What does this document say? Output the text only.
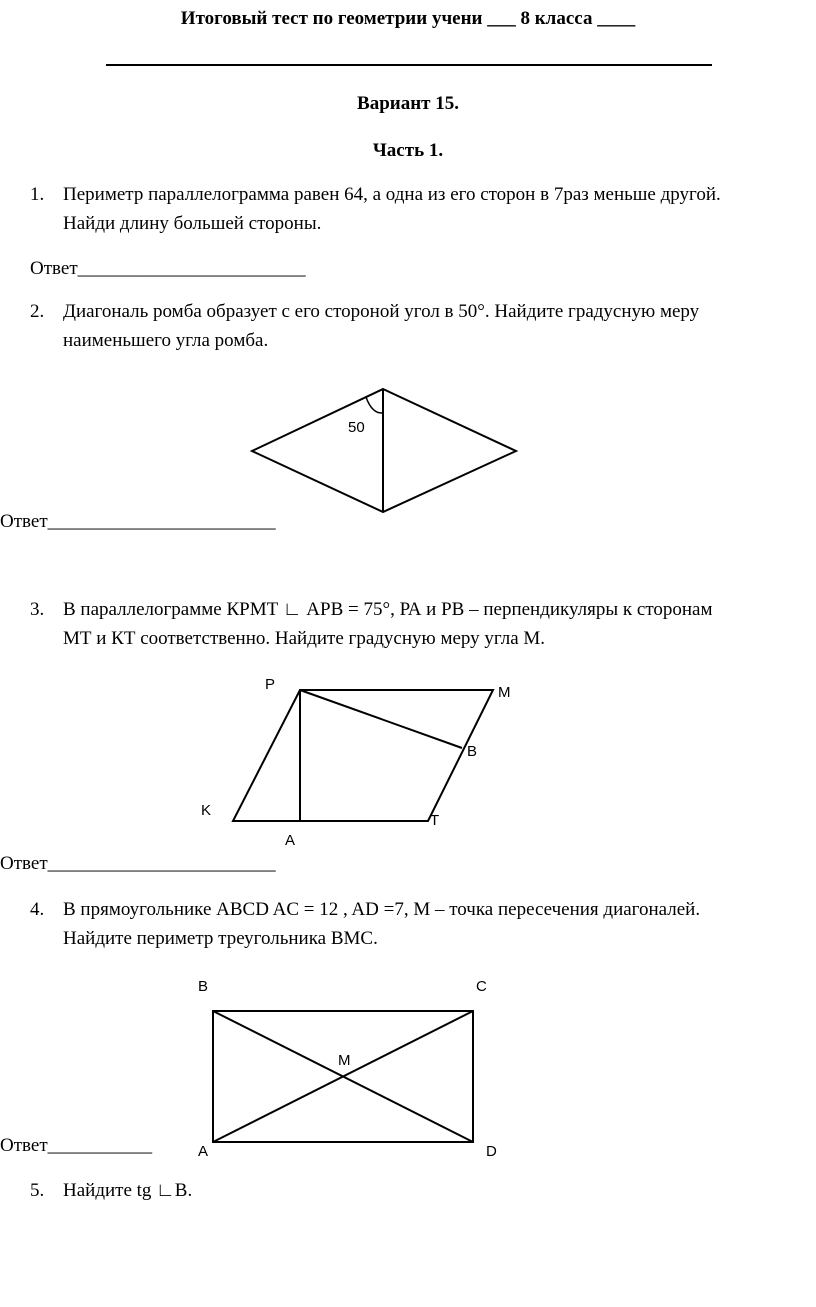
Итоговый тест по геометрии учени ___ 8 класса ____
Вариант 15.
Часть 1.
1. Периметр параллелограмма равен 64, а одна из его сторон в 7раз меньше другой.
Найди длину большей стороны.
Ответ________________________
2. Диагональ ромба образует с его стороной угол в 50°. Найдите градусную меру
наименьшего угла ромба.
Ответ________________________
3. В параллелограмме КРМТ ∟ АРВ = 75°, РА и РВ – перпендикуляры к сторонам
МТ и КТ соответственно. Найдите градусную меру угла М.
Ответ________________________
4. В прямоугольнике ABCD AC = 12 , AD =7, M – точка пересечения диагоналей.
Найдите периметр треугольника BMC.
Ответ___________
5. Найдите tg ∟B.
50
P	M
B
K
A
T
B	C
M
A	D
